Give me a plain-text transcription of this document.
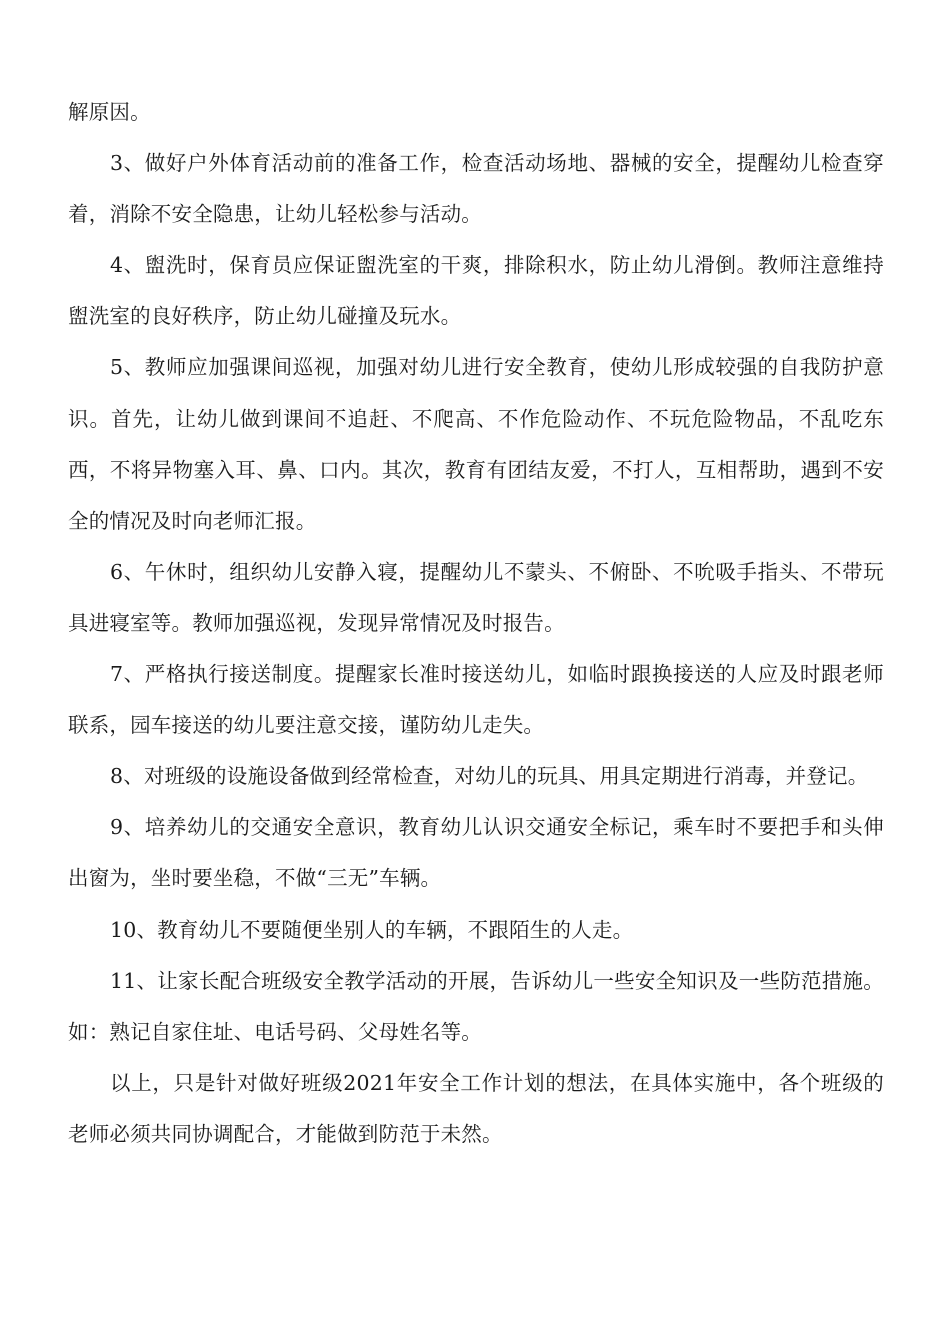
解原因。

3、做好户外体育活动前的准备工作，检查活动场地、器械的安全，提醒幼儿检查穿着，消除不安全隐患，让幼儿轻松参与活动。

4、盥洗时，保育员应保证盥洗室的干爽，排除积水，防止幼儿滑倒。教师注意维持盥洗室的良好秩序，防止幼儿碰撞及玩水。

5、教师应加强课间巡视，加强对幼儿进行安全教育，使幼儿形成较强的自我防护意识。首先，让幼儿做到课间不追赶、不爬高、不作危险动作、不玩危险物品，不乱吃东西，不将异物塞入耳、鼻、口内。其次，教育有团结友爱，不打人，互相帮助，遇到不安全的情况及时向老师汇报。

6、午休时，组织幼儿安静入寝，提醒幼儿不蒙头、不俯卧、不吮吸手指头、不带玩具进寝室等。教师加强巡视，发现异常情况及时报告。

7、严格执行接送制度。提醒家长准时接送幼儿，如临时跟换接送的人应及时跟老师联系，园车接送的幼儿要注意交接，谨防幼儿走失。

8、对班级的设施设备做到经常检查，对幼儿的玩具、用具定期进行消毒，并登记。

9、培养幼儿的交通安全意识，教育幼儿认识交通安全标记，乘车时不要把手和头伸出窗为，坐时要坐稳，不做“三无”车辆。

10、教育幼儿不要随便坐别人的车辆，不跟陌生的人走。

11、让家长配合班级安全教学活动的开展，告诉幼儿一些安全知识及一些防范措施。如：熟记自家住址、电话号码、父母姓名等。

以上，只是针对做好班级2021年安全工作计划的想法，在具体实施中，各个班级的老师必须共同协调配合，才能做到防范于未然。
